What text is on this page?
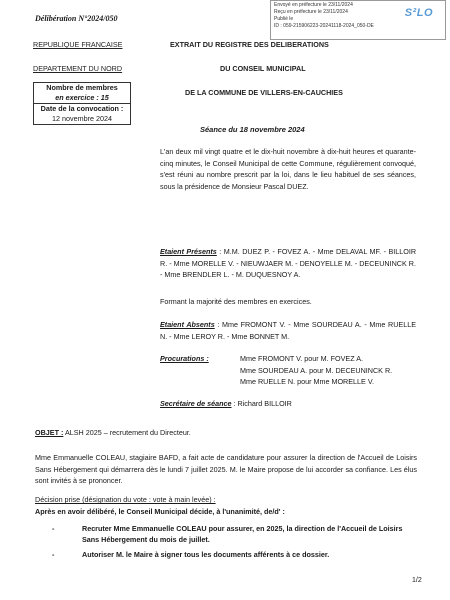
Délibération N°2024/050
Envoyé en préfecture le 23/11/2024
Reçu en préfecture le 23/11/2024
Publié le
ID : 059-215906223-20241118-2024_050-DE
S²LO
REPUBLIQUE FRANCAISE	EXTRAIT DU REGISTRE DES DELIBERATIONS
DEPARTEMENT DU NORD	DU CONSEIL MUNICIPAL
DE LA COMMUNE DE VILLERS-EN-CAUCHIES
Nombre de membres
en exercice : 15
Date de la convocation :
12 novembre 2024
Séance du 18 novembre 2024
L'an deux mil vingt quatre et le dix-huit novembre à dix-huit heures et quarante-cinq minutes, le Conseil Municipal de cette Commune, régulièrement convoqué, s'est réuni au nombre prescrit par la loi, dans le lieu habituel de ses séances, sous la présidence de Monsieur Pascal DUEZ.
Etaient Présents : M.M. DUEZ P. - FOVEZ A. - Mme DELAVAL MF. - BILLOIR R. - Mme MORELLE V. - NIEUWJAER M. - DENOYELLE M. - DECEUNINCK R. - Mme BRENDLER L. - M. DUQUESNOY A.
Formant la majorité des membres en exercices.
Etaient Absents : Mme FROMONT V. - Mme SOURDEAU A. - Mme RUELLE N. - Mme LEROY R. - Mme BONNET M.
Procurations :	Mme FROMONT V. pour M. FOVEZ A.
Mme SOURDEAU A. pour M. DECEUNINCK R.
Mme RUELLE N. pour Mme MORELLE V.
Secrétaire de séance : Richard BILLOIR
OBJET : ALSH 2025 – recrutement du Directeur.
Mme Emmanuelle COLEAU, stagiaire BAFD, a fait acte de candidature pour assurer la direction de l'Accueil de Loisirs Sans Hébergement qui démarrera dès le lundi 7 juillet 2025. M. le Maire propose de lui accorder sa confiance. Les élus sont invités à se prononcer.
Décision prise (désignation du vote : vote à main levée) :
Après en avoir délibéré, le Conseil Municipal décide, à l'unanimité, de/d' :
-	Recruter Mme Emmanuelle COLEAU pour assurer, en 2025, la direction de l'Accueil de Loisirs Sans Hébergement du mois de juillet.
-	Autoriser M. le Maire à signer tous les documents afférents à ce dossier.
1/2
